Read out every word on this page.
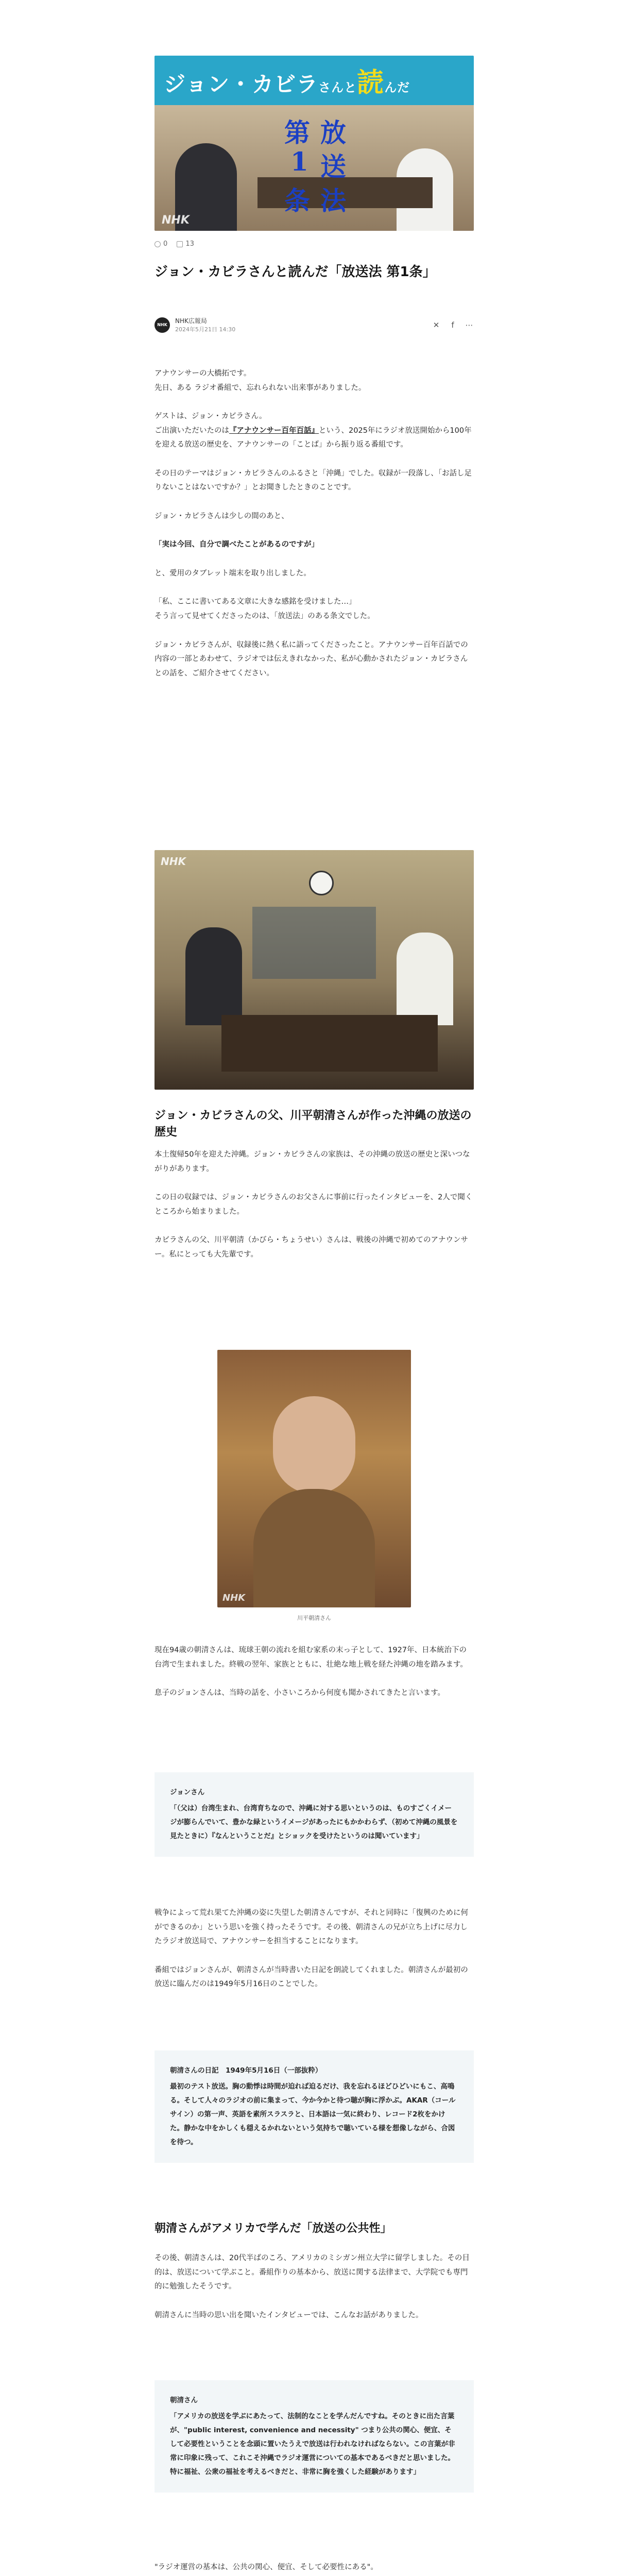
ジョン・カビラさんと読んだ
第
1
条
放
送
法
NHK
0
	13
ジョン・カビラさんと読んだ「放送法 第1条」
NHK
NHK広報局
2024年5月21日 14:30	✕	f	⋯

アナウンサーの大橋拓です。
先日、ある ラジオ番組で、忘れられない出来事がありました。

ゲストは、ジョン・カビラさん。
ご出演いただいたのは『アナウンサー百年百話』という、2025年にラジオ放送開始から100年を迎える放送の歴史を、アナウンサーの「ことば」から振り返る番組です。

その日のテーマはジョン・カビラさんのふるさと「沖縄」でした。収録が一段落し、「お話し足りないことはないですか？」とお聞きしたときのことです。

ジョン・カビラさんは少しの間のあと、

「実は今回、自分で調べたことがあるのですが」

と、愛用のタブレット端末を取り出しました。

「私、ここに書いてある文章に大きな感銘を受けました…」
そう言って見せてくださったのは、「放送法」のある条文でした。

ジョン・カビラさんが、収録後に熱く私に語ってくださったこと。アナウンサー百年百話での内容の一部とあわせて、ラジオでは伝えきれなかった、私が心動かされたジョン・カビラさんとの話を、ご紹介させてください。

NHK
ジョン・カビラさんの父、川平朝清さんが作った沖縄の放送の歴史

本土復帰50年を迎えた沖縄。ジョン・カビラさんの家族は、その沖縄の放送の歴史と深いつながりがあります。

この日の収録では、ジョン・カビラさんのお父さんに事前に行ったインタビューを、2人で聞くところから始まりました。

カビラさんの父、川平朝清（かびら・ちょうせい）さんは、戦後の沖縄で初めてのアナウンサー。私にとっても大先輩です。

NHK
川平朝清さん

現在94歳の朝清さんは、琉球王朝の流れを組む家系の末っ子として、1927年、日本統治下の台湾で生まれました。終戦の翌年、家族とともに、壮絶な地上戦を経た沖縄の地を踏みます。

息子のジョンさんは、当時の話を、小さいころから何度も聞かされてきたと言います。

ジョンさん
「（父は）台湾生まれ、台湾育ちなので、沖縄に対する思いというのは、ものすごくイメージが膨らんでいて、豊かな緑というイメージがあったにもかかわらず、（初めて沖縄の風景を見たときに）『なんということだ』とショックを受けたというのは聞いています」

戦争によって荒れ果てた沖縄の姿に失望した朝清さんですが、それと同時に「復興のために何ができるのか」という思いを強く持ったそうです。その後、朝清さんの兄が立ち上げに尽力したラジオ放送局で、アナウンサーを担当することになります。

番組ではジョンさんが、朝清さんが当時書いた日記を朗読してくれました。朝清さんが最初の放送に臨んだのは1949年5月16日のことでした。

朝清さんの日記　1949年5月16日（一部抜粋）
最初のテスト放送。胸の動悸は時間が迫れば迫るだけ、我を忘れるほどひどいにもこ、高鳴る。そして人々のラジオの前に集まって、今か今かと待つ聴が胸に浮かぶ。AKAR（コールサイン）の第一声、英語を素所スラスラと、日本語は一気に終わり、レコード2枚をかけた。静かな中をかしくも穏えるかれないという気持ちで聴いている様を想像しながら、合図を待つ。
朝清さんがアメリカで学んだ「放送の公共性」

その後、朝清さんは、20代半ばのころ、アメリカのミシガン州立大学に留学しました。その目的は、放送について学ぶこと。番組作りの基本から、放送に関する法律まで、大学院でも専門的に勉強したそうです。

朝清さんに当時の思い出を聞いたインタビューでは、こんなお話がありました。

朝清さん
「アメリカの放送を学ぶにあたって、法制的なことを学んだんですね。そのときに出た言葉が、"public interest, convenience and necessity" つまり公共の関心、便宜、そして必要性ということを念頭に置いたうえで放送は行われなければならない。この言葉が非常に印象に残って、これこそ沖縄でラジオ運営についての基本であるべきだと思いました。特に福祉、公衆の福祉を考えるべきだと、非常に胸を強くした経験があります」

"ラジオ運営の基本は、公共の関心、便宜、そして必要性にある"。
